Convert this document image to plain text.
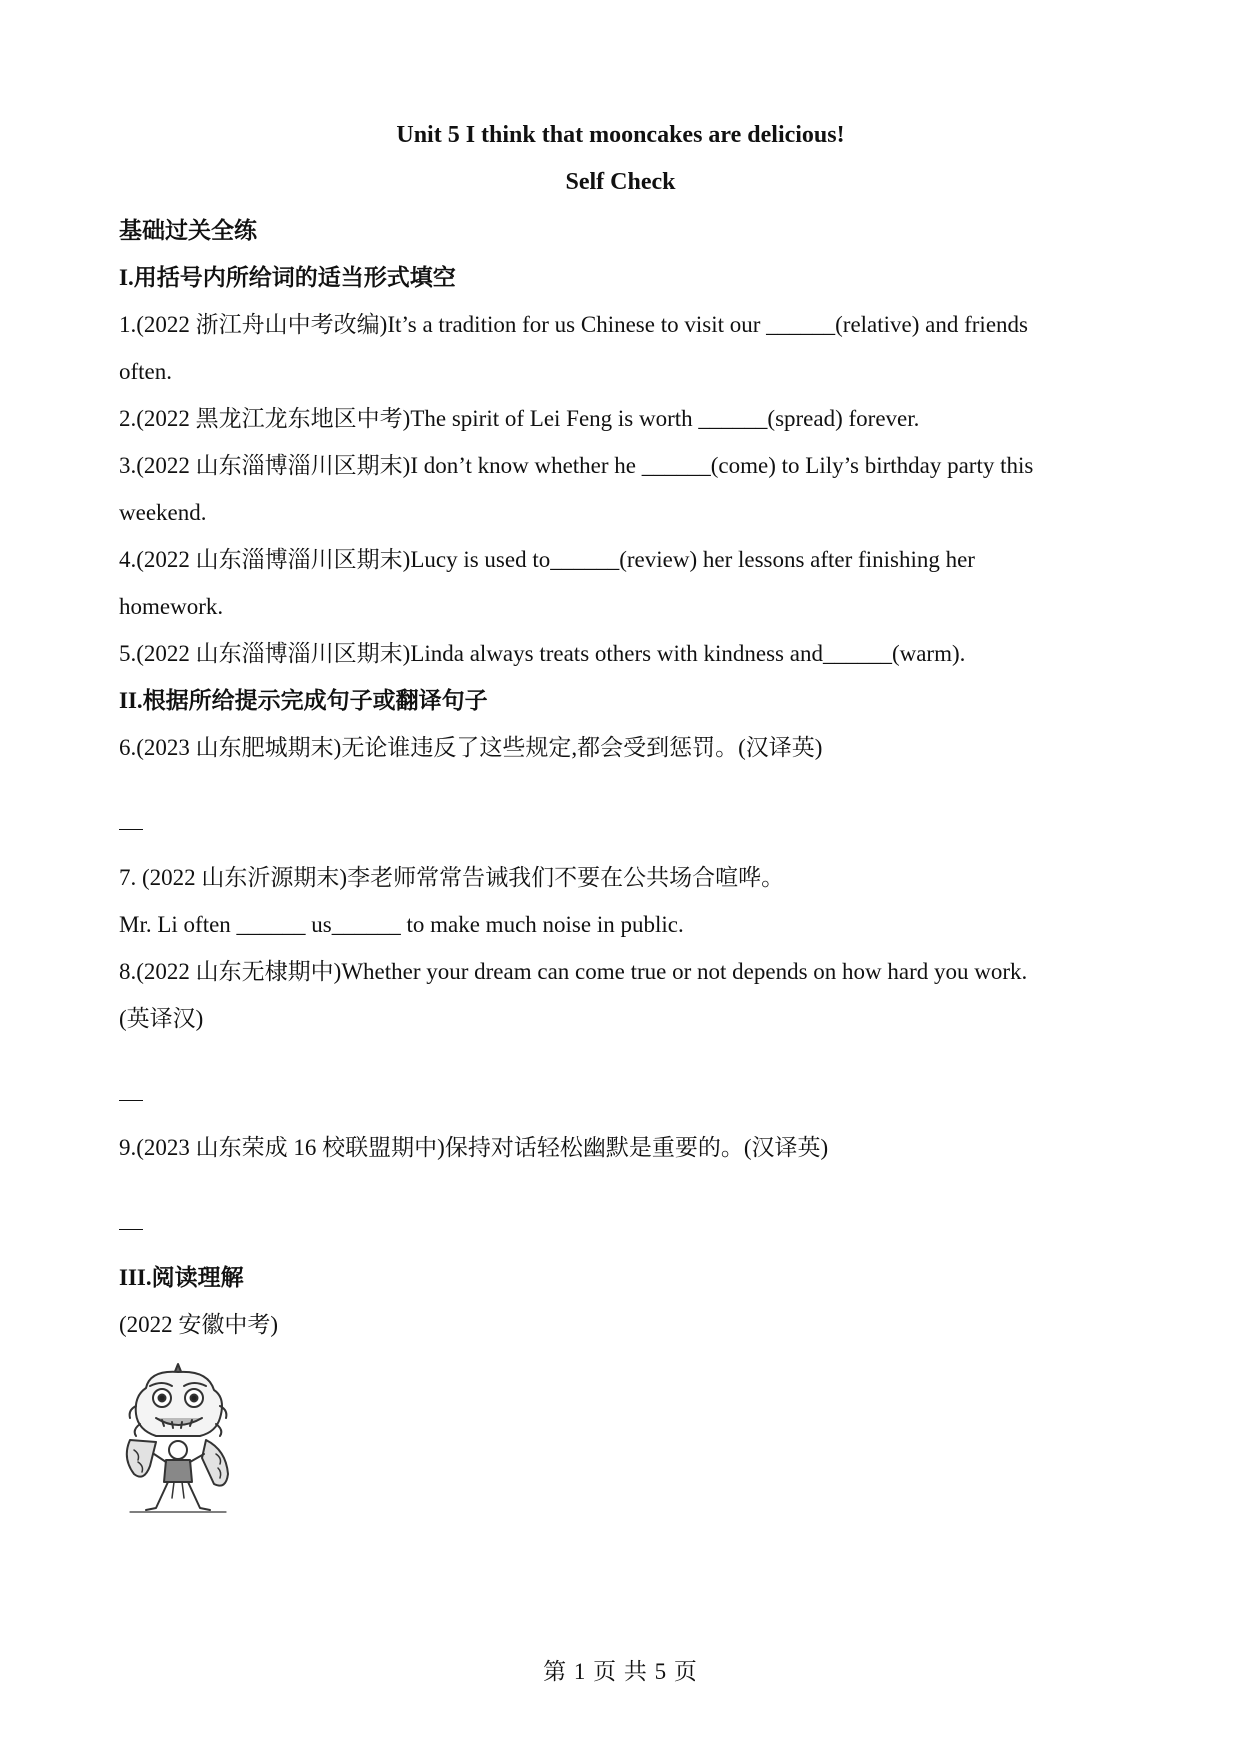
Unit 5 I think that mooncakes are delicious!
Self Check
基础过关全练
I.用括号内所给词的适当形式填空
1.(2022 浙江舟山中考改编)It’s a tradition for us Chinese to visit our ______(relative) and friends
often.
2.(2022 黑龙江龙东地区中考)The spirit of Lei Feng is worth ______(spread) forever.
3.(2022 山东淄博淄川区期末)I don’t know whether he ______(come) to Lily’s birthday party this
weekend.
4.(2022 山东淄博淄川区期末)Lucy is used to______(review) her lessons after finishing her
homework.
5.(2022 山东淄博淄川区期末)Linda always treats others with kindness and______(warm).
II.根据所给提示完成句子或翻译句子
6.(2023 山东肥城期末)无论谁违反了这些规定,都会受到惩罚。(汉译英)
7. (2022 山东沂源期末)李老师常常告诫我们不要在公共场合喧哗。
Mr. Li often ______ us______ to make much noise in public.
8.(2022 山东无棣期中)Whether your dream can come true or not depends on how hard you work.
(英译汉)
9.(2023 山东荣成 16 校联盟期中)保持对话轻松幽默是重要的。(汉译英)
III.阅读理解
(2022 安徽中考)
第 1 页 共 5 页
